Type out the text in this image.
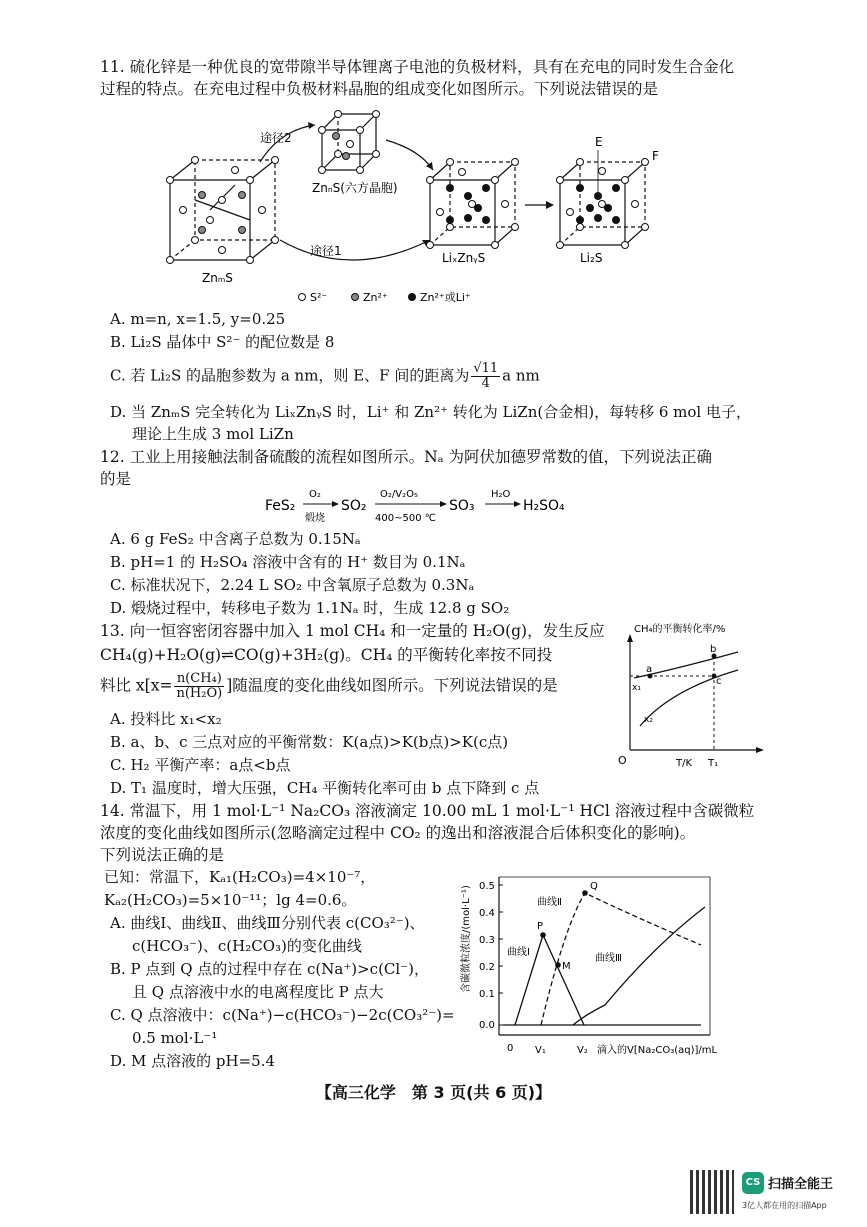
11. 硫化锌是一种优良的宽带隙半导体锂离子电池的负极材料，具有在充电的同时发生合金化
过程的特点。在充电过程中负极材料晶胞的组成变化如图所示。下列说法错误的是
ZnₘS
ZnₙS(六方晶胞)
途径2
途径1	LiₓZnᵧS
E
F
Li₂S
S²⁻	Zn²⁺	Zn²⁺或Li⁺
A. m=n, x=1.5, y=0.25
B. Li₂S 晶体中 S²⁻ 的配位数是 8
C. 若 Li₂S 的晶胞参数为 a nm，则 E、F 间的距离为 $\frac{√11}{4}$ a nm
D. 当 ZnₘS 完全转化为 LiₓZnᵧS 时，Li⁺ 和 Zn²⁺ 转化为 LiZn(合金相)，每转移 6 mol 电子，
理论上生成 3 mol LiZn
12. 工业上用接触法制备硫酸的流程如图所示。Nₐ 为阿伏加德罗常数的值，下列说法正确
的是
FeS₂
O₂
煅烧
SO₂
O₂/V₂O₅
400~500 ℃
SO₃
H₂O
H₂SO₄
A. 6 g FeS₂ 中含离子总数为 0.15Nₐ
B. pH=1 的 H₂SO₄ 溶液中含有的 H⁺ 数目为 0.1Nₐ
C. 标准状况下，2.24 L SO₂ 中含氧原子总数为 0.3Nₐ
D. 煅烧过程中，转移电子数为 1.1Nₐ 时，生成 12.8 g SO₂
13. 向一恒容密闭容器中加入 1 mol CH₄ 和一定量的 H₂O(g)，发生反应
CH₄(g)+H₂O(g)⇌CO(g)+3H₂(g)。CH₄ 的平衡转化率按不同投
料比 $x[x= \frac{\text{n(CH₄)}}{\text{n(H₂O)}}$ ]随温度的变化曲线如图所示。下列说法错误的是
A. 投料比 x₁<x₂
B. a、b、c 三点对应的平衡常数：K(a点)>K(b点)>K(c点)
C. H₂ 平衡产率：a点<b点
D. T₁ 温度时，增大压强，CH₄ 平衡转化率可由 b 点下降到 c 点
CH₄的平衡转化率/%
O	T/K T₁
a
b
c
x₁
x₂
14. 常温下，用 1 mol·L⁻¹ Na₂CO₃ 溶液滴定 10.00 mL 1 mol·L⁻¹ HCl 溶液过程中含碳微粒
浓度的变化曲线如图所示(忽略滴定过程中 CO₂ 的逸出和溶液混合后体积变化的影响)。
下列说法正确的是
已知：常温下，Kₐ₁(H₂CO₃)=4×10⁻⁷，
Kₐ₂(H₂CO₃)=5×10⁻¹¹；lg 4=0.6。
A. 曲线Ⅰ、曲线Ⅱ、曲线Ⅲ分别代表 c(CO₃²⁻)、
c(HCO₃⁻)、c(H₂CO₃)的变化曲线
B. P 点到 Q 点的过程中存在 c(Na⁺)>c(Cl⁻)，
且 Q 点溶液中水的电离程度比 P 点大
C. Q 点溶液中：c(Na⁺)−c(HCO₃⁻)−2c(CO₃²⁻)=
0.5 mol·L⁻¹
D. M 点溶液的 pH=5.4
含碳微粒浓度/(mol·L⁻¹) 0.5
0.4
0.3
0.2
0.1
0.0
0 V₁	V₂ 滴入的V[Na₂CO₃(aq)]/mL
P
Q
M
曲线Ⅰ
曲线Ⅱ
曲线Ⅲ
【高三化学　第 3 页(共 6 页)】
CS 扫描全能王
3亿人都在用的扫描App
